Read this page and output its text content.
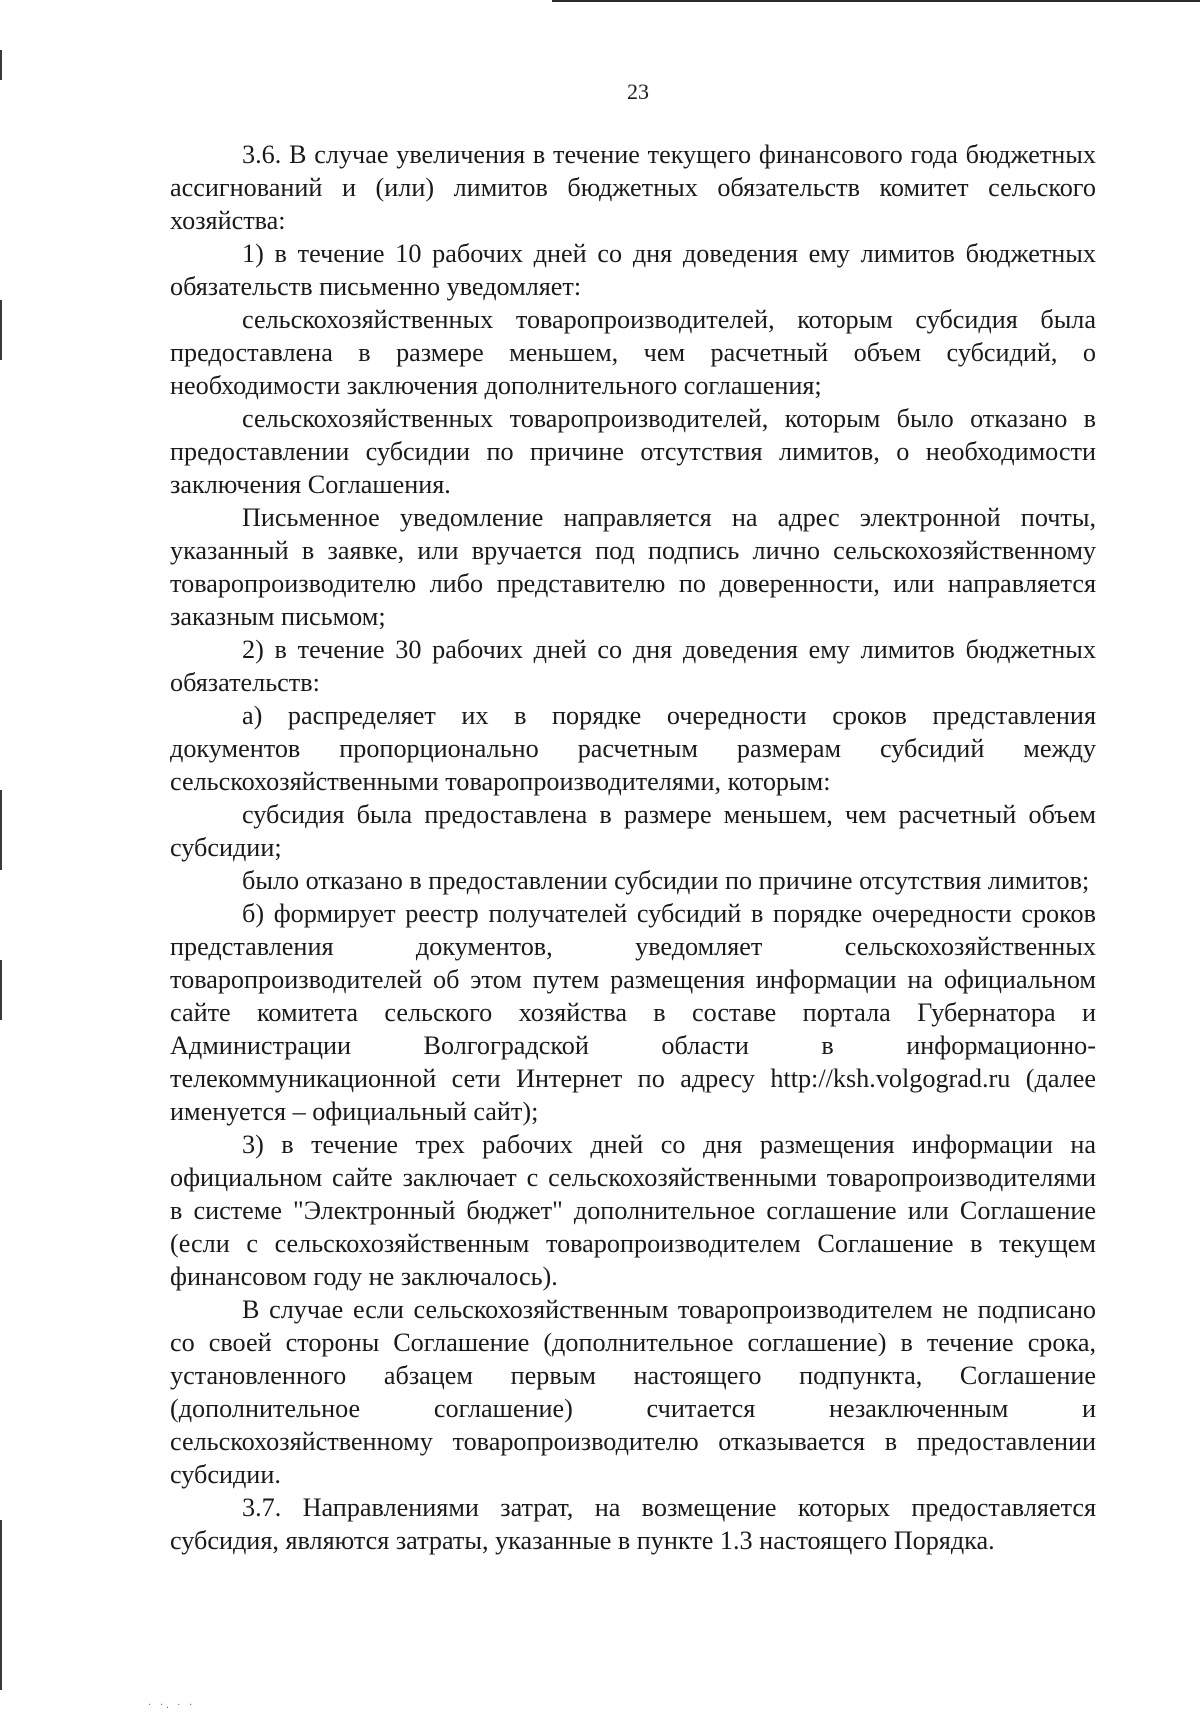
23

3.6. В случае увеличения в течение текущего финансового года бюджетных ассигнований и (или) лимитов бюджетных обязательств комитет сельского хозяйства:

1) в течение 10 рабочих дней со дня доведения ему лимитов бюджетных обязательств письменно уведомляет:

сельскохозяйственных товаропроизводителей, которым субсидия была предоставлена в размере меньшем, чем расчетный объем субсидий, о необходимости заключения дополнительного соглашения;

сельскохозяйственных товаропроизводителей, которым было отказано в предоставлении субсидии по причине отсутствия лимитов, о необходимости заключения Соглашения.

Письменное уведомление направляется на адрес электронной почты, указанный в заявке, или вручается под подпись лично сельскохозяйственному товаропроизводителю либо представителю по доверенности, или направляется заказным письмом;

2) в течение 30 рабочих дней со дня доведения ему лимитов бюджетных обязательств:

а) распределяет их в порядке очередности сроков представления документов пропорционально расчетным размерам субсидий между сельскохозяйственными товаропроизводителями, которым:

субсидия была предоставлена в размере меньшем, чем расчетный объем субсидии;

было отказано в предоставлении субсидии по причине отсутствия лимитов;

б) формирует реестр получателей субсидий в порядке очередности сроков представления документов, уведомляет сельскохозяйственных товаропроизводителей об этом путем размещения информации на официальном сайте комитета сельского хозяйства в составе портала Губернатора и Администрации Волгоградской области в информационно-телекоммуникационной сети Интернет по адресу http://ksh.volgograd.ru (далее именуется – официальный сайт);

3) в течение трех рабочих дней со дня размещения информации на официальном сайте заключает с сельскохозяйственными товаропроизводителями в системе "Электронный бюджет" дополнительное соглашение или Соглашение (если с сельскохозяйственным товаропроизводителем Соглашение в текущем финансовом году не заключалось).

В случае если сельскохозяйственным товаропроизводителем не подписано со своей стороны Соглашение (дополнительное соглашение) в течение срока, установленного абзацем первым настоящего подпункта, Соглашение (дополнительное соглашение) считается незаключенным и сельскохозяйственному товаропроизводителю отказывается в предоставлении субсидии.

3.7. Направлениями затрат, на возмещение которых предоставляется субсидия, являются затраты, указанные в пункте 1.3 настоящего Порядка.

· ·. · ·
